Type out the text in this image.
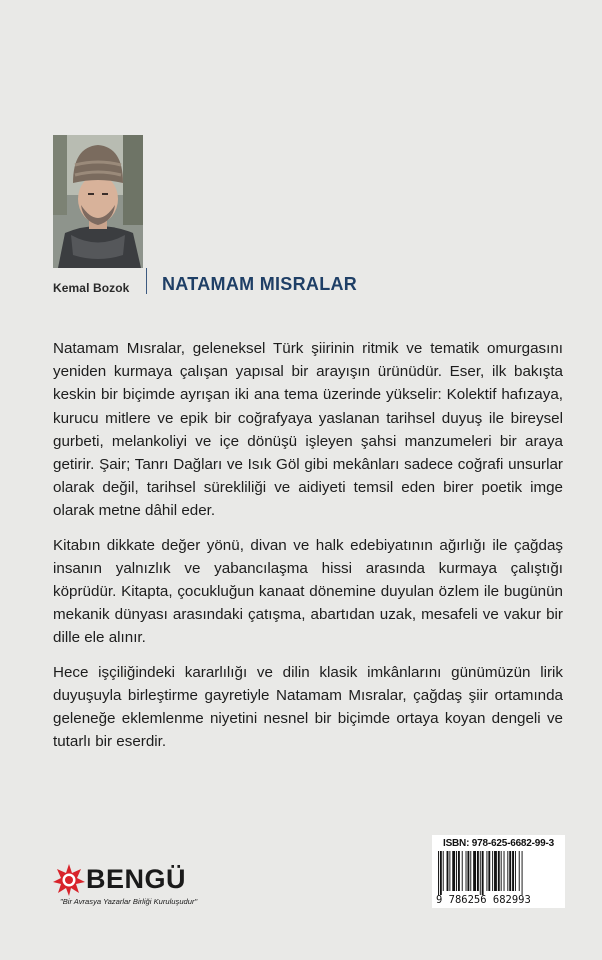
Kemal Bozok NATAMAM MISRALAR

Natamam Mısralar, geleneksel Türk şiirinin ritmik ve tematik omurgasını yeniden kurmaya çalışan yapısal bir arayışın ürünüdür. Eser, ilk bakışta keskin bir biçimde ayrışan iki ana tema üzerinde yükselir: Kolektif hafızaya, kurucu mitlere ve epik bir coğrafyaya yaslanan tarihsel duyuş ile bireysel gurbeti, melankoliyi ve içe dönüşü işleyen şahsi manzumeleri bir araya getirir. Şair; Tanrı Dağları ve Isık Göl gibi mekânları sadece coğrafi unsurlar olarak değil, tarihsel sürekliliği ve aidiyeti temsil eden birer poetik imge olarak metne dâhil eder.

Kitabın dikkate değer yönü, divan ve halk edebiyatının ağırlığı ile çağdaş insanın yalnızlık ve yabancılaşma hissi arasında kurmaya çalıştığı köprüdür. Kitapta, çocukluğun kanaat dönemine duyulan özlem ile bugünün mekanik dünyası arasındaki çatışma, abartıdan uzak, mesafeli ve vakur bir dille ele alınır.

Hece işçiliğindeki kararlılığı ve dilin klasik imkânlarını günümüzün lirik duyuşuyla birleştirme gayretiyle Natamam Mısralar, çağdaş şiir ortamında geleneğe eklemlenme niyetini nesnel bir biçimde ortaya koyan dengeli ve tutarlı bir eserdir.

BENGÜ
"Bir Avrasya Yazarlar Birliği Kuruluşudur"
ISBN: 978-625-6682-99-3
9 786256 682993
